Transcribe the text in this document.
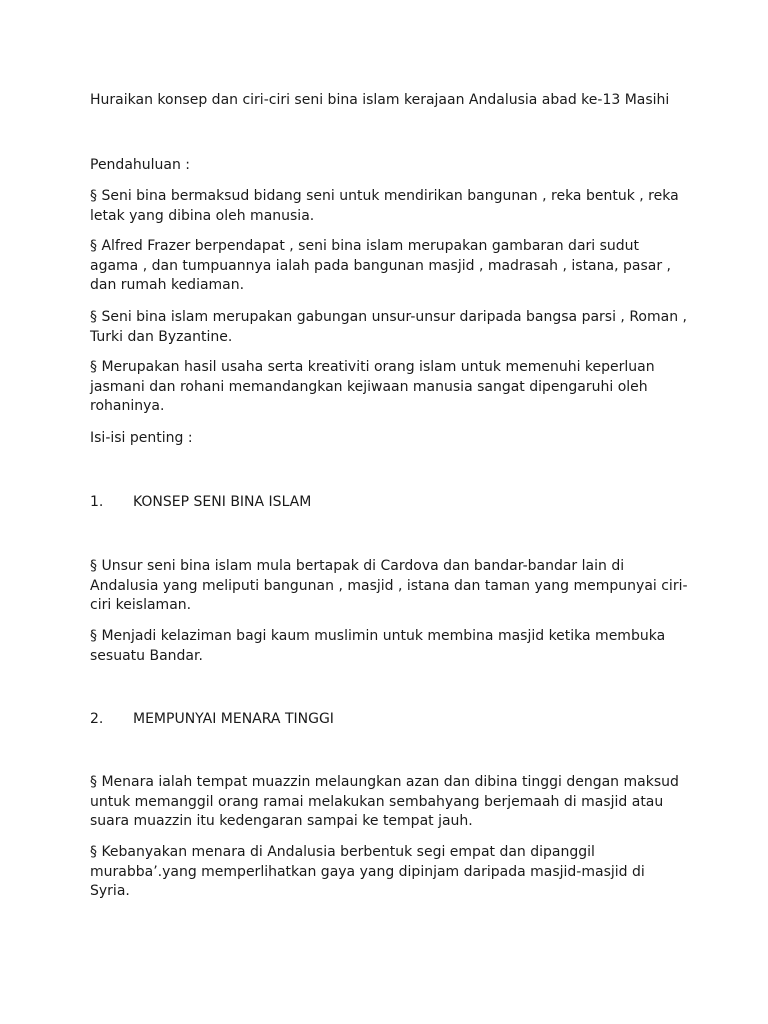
Huraikan konsep dan ciri-ciri seni bina islam kerajaan Andalusia abad ke-13 Masihi

Pendahuluan :

§ Seni bina bermaksud bidang seni untuk mendirikan bangunan , reka bentuk , reka letak yang dibina oleh manusia.

§ Alfred Frazer berpendapat , seni bina islam merupakan gambaran dari sudut agama , dan tumpuannya ialah pada bangunan masjid , madrasah , istana, pasar , dan rumah kediaman.

§ Seni bina islam merupakan gabungan unsur-unsur daripada bangsa parsi , Roman , Turki dan Byzantine.

§ Merupakan hasil usaha serta kreativiti orang islam untuk memenuhi keperluan jasmani dan rohani memandangkan kejiwaan manusia sangat dipengaruhi oleh rohaninya.

Isi-isi penting :

1. KONSEP SENI BINA ISLAM

§ Unsur seni bina islam mula bertapak di Cardova dan bandar-bandar lain di Andalusia yang meliputi bangunan , masjid , istana dan taman yang mempunyai ciri-ciri keislaman.

§ Menjadi kelaziman bagi kaum muslimin untuk membina masjid ketika membuka sesuatu Bandar.

2. MEMPUNYAI MENARA TINGGI

§ Menara ialah tempat muazzin melaungkan azan dan dibina tinggi dengan maksud untuk memanggil orang ramai melakukan sembahyang berjemaah di masjid atau suara muazzin itu kedengaran sampai ke tempat jauh.

§ Kebanyakan menara di Andalusia berbentuk segi empat dan dipanggil murabba’.yang memperlihatkan gaya yang dipinjam daripada masjid-masjid di Syria.
